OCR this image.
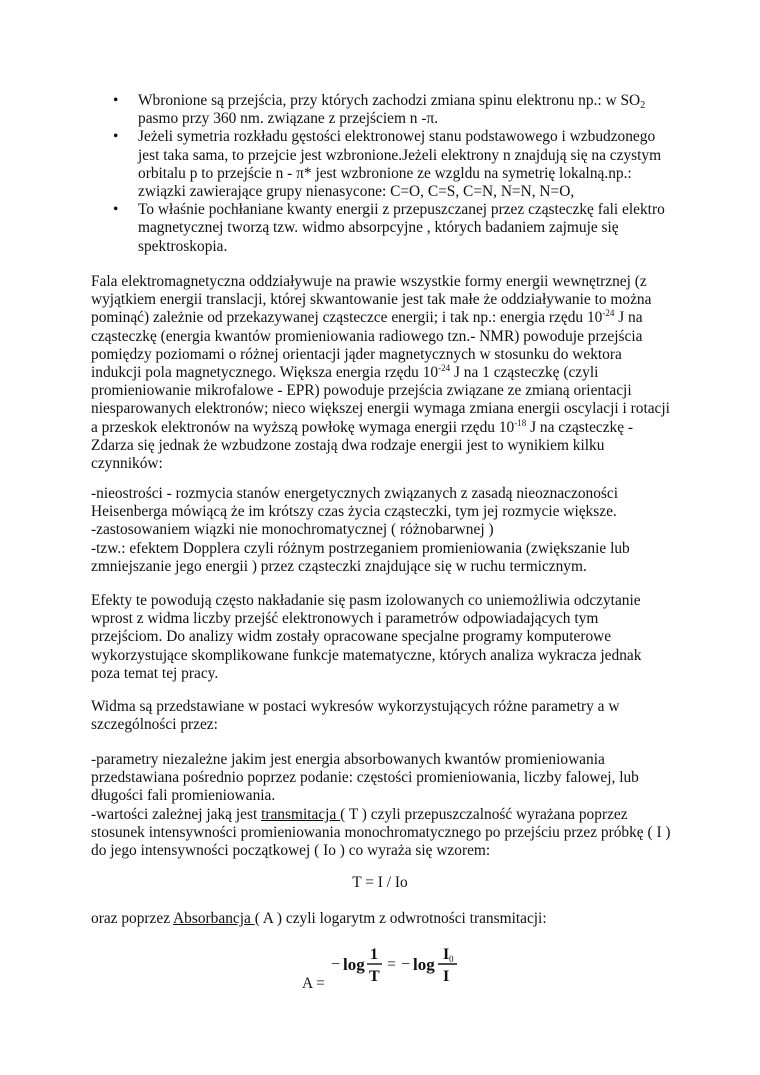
• Wbronione są przejścia, przy których zachodzi zmiana spinu elektronu np.: w $SO_2$
pasmo przy 360 nm. związane z przejściem n -π.
• Jeżeli symetria rozkładu gęstości elektronowej stanu podstawowego i wzbudzonego
jest taka sama, to przejcie jest wzbronione.Jeżeli elektrony n znajdują się na czystym
orbitalu p to przejście n - π* jest wzbronione ze wzgldu na symetrię lokalną.np.:
związki zawierające grupy nienasycone: C=O, C=S, C=N, N=N, N=O,
• To właśnie pochłaniane kwanty energii z przepuszczanej przez cząsteczkę fali elektro
magnetycznej tworzą tzw. widmo absorpcyjne , których badaniem zajmuje się
spektroskopia.
Fala elektromagnetyczna oddziaływuje na prawie wszystkie formy energii wewnętrznej (z
wyjątkiem energii translacji, której skwantowanie jest tak małe że oddziaływanie to można
pominąć) zależnie od przekazywanej cząsteczce energii; i tak np.: energia rzędu $10^{-24}$ J na
cząsteczkę (energia kwantów promieniowania radiowego tzn.- NMR) powoduje przejścia
pomiędzy poziomami o różnej orientacji jąder magnetycznych w stosunku do wektora
indukcji pola magnetycznego. Większa energia rzędu $10^{-24}$ J na 1 cząsteczkę (czyli
promieniowanie mikrofalowe - EPR) powoduje przejścia związane ze zmianą orientacji
niesparowanych elektronów; nieco większej energii wymaga zmiana energii oscylacji i rotacji
a przeskok elektronów na wyższą powłokę wymaga energii rzędu $10^{-18}$ J na cząsteczkę -
Zdarza się jednak że wzbudzone zostają dwa rodzaje energii jest to wynikiem kilku
czynników:
-nieostrości - rozmycia stanów energetycznych związanych z zasadą nieoznaczoności
Heisenberga mówiącą że im krótszy czas życia cząsteczki, tym jej rozmycie większe.
-zastosowaniem wiązki nie monochromatycznej ( różnobarwnej )
-tzw.: efektem Dopplera czyli różnym postrzeganiem promieniowania (zwiększanie lub
zmniejszanie jego energii ) przez cząsteczki znajdujące się w ruchu termicznym.
Efekty te powodują często nakładanie się pasm izolowanych co uniemożliwia odczytanie
wprost z widma liczby przejść elektronowych i parametrów odpowiadających tym
przejściom. Do analizy widm zostały opracowane specjalne programy komputerowe
wykorzystujące skomplikowane funkcje matematyczne, których analiza wykracza jednak
poza temat tej pracy.
Widma są przedstawiane w postaci wykresów wykorzystujących różne parametry a w
szczególności przez:
-parametry niezależne jakim jest energia absorbowanych kwantów promieniowania
przedstawiana pośrednio poprzez podanie: częstości promieniowania, liczby falowej, lub
długości fali promieniowania.
-wartości zależnej jaką jest transmitacja ( T ) czyli przepuszczalność wyrażana poprzez
stosunek intensywności promieniowania monochromatycznego po przejściu przez próbkę ( I )
do jego intensywności początkowej ( Io ) co wyraża się wzorem:
T = I / Io
oraz poprzez Absorbancja ( A ) czyli logarytm z odwrotności transmitacji:
A =
− log
1
T
= − log
I 0
I
